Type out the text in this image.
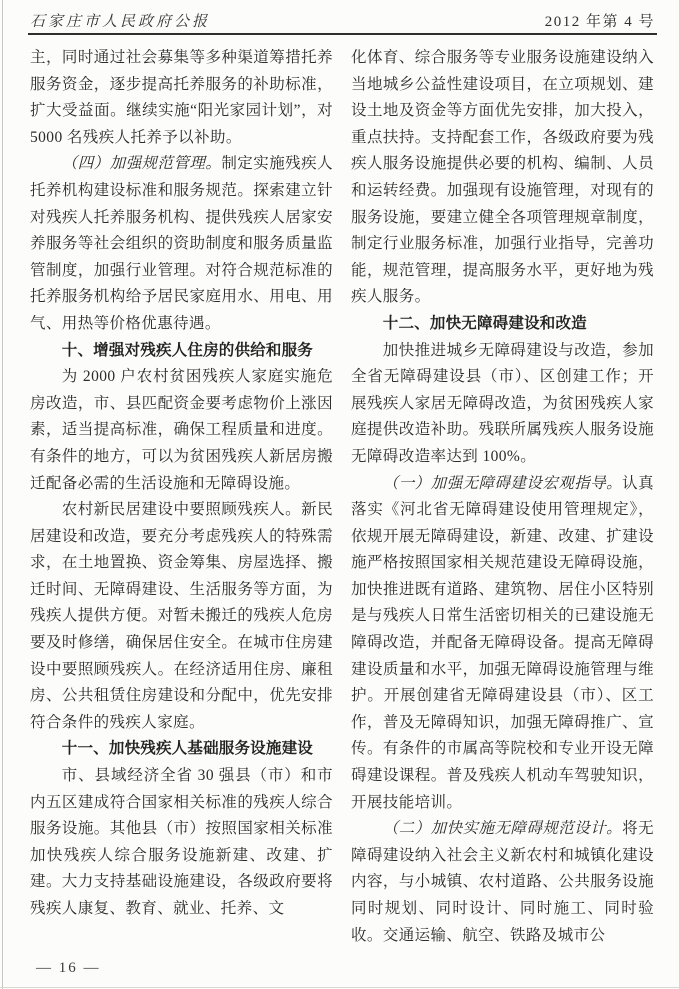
石家庄市人民政府公报	2012 年第 4 号

主，同时通过社会募集等多种渠道筹措托养服务资金，逐步提高托养服务的补助标准，扩大受益面。继续实施“阳光家园计划”，对 5000 名残疾人托养予以补助。

（四）加强规范管理。制定实施残疾人托养机构建设标准和服务规范。探索建立针对残疾人托养服务机构、提供残疾人居家安养服务等社会组织的资助制度和服务质量监管制度，加强行业管理。对符合规范标准的托养服务机构给予居民家庭用水、用电、用气、用热等价格优惠待遇。

十、增强对残疾人住房的供给和服务

为 2000 户农村贫困残疾人家庭实施危房改造，市、县匹配资金要考虑物价上涨因素，适当提高标准，确保工程质量和进度。有条件的地方，可以为贫困残疾人新居房搬迁配备必需的生活设施和无障碍设施。

农村新民居建设中要照顾残疾人。新民居建设和改造，要充分考虑残疾人的特殊需求，在土地置换、资金筹集、房屋选择、搬迁时间、无障碍建设、生活服务等方面，为残疾人提供方便。对暂未搬迁的残疾人危房要及时修缮，确保居住安全。在城市住房建设中要照顾残疾人。在经济适用住房、廉租房、公共租赁住房建设和分配中，优先安排符合条件的残疾人家庭。

十一、加快残疾人基础服务设施建设

市、县域经济全省 30 强县（市）和市内五区建成符合国家相关标准的残疾人综合服务设施。其他县（市）按照国家相关标准加快残疾人综合服务设施新建、改建、扩建。大力支持基础设施建设，各级政府要将残疾人康复、教育、就业、托养、文

化体育、综合服务等专业服务设施建设纳入当地城乡公益性建设项目，在立项规划、建设土地及资金等方面优先安排，加大投入，重点扶持。支持配套工作，各级政府要为残疾人服务设施提供必要的机构、编制、人员和运转经费。加强现有设施管理，对现有的服务设施，要建立健全各项管理规章制度，制定行业服务标准，加强行业指导，完善功能，规范管理，提高服务水平，更好地为残疾人服务。

十二、加快无障碍建设和改造

加快推进城乡无障碍建设与改造，参加全省无障碍建设县（市）、区创建工作；开展残疾人家居无障碍改造，为贫困残疾人家庭提供改造补助。残联所属残疾人服务设施无障碍改造率达到 100%。

（一）加强无障碍建设宏观指导。认真落实《河北省无障碍建设使用管理规定》，依规开展无障碍建设，新建、改建、扩建设施严格按照国家相关规范建设无障碍设施，加快推进既有道路、建筑物、居住小区特别是与残疾人日常生活密切相关的已建设施无障碍改造，并配备无障碍设备。提高无障碍建设质量和水平，加强无障碍设施管理与维护。开展创建省无障碍建设县（市）、区工作，普及无障碍知识，加强无障碍推广、宣传。有条件的市属高等院校和专业开设无障碍建设课程。普及残疾人机动车驾驶知识，开展技能培训。

（二）加快实施无障碍规范设计。将无障碍建设纳入社会主义新农村和城镇化建设内容，与小城镇、农村道路、公共服务设施同时规划、同时设计、同时施工、同时验收。交通运输、航空、铁路及城市公

— 16 —
